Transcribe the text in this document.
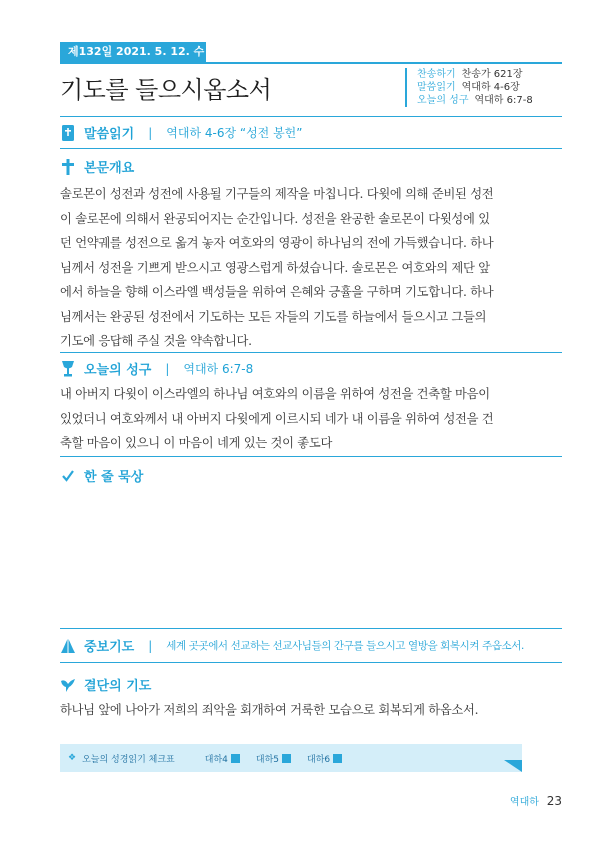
제132일 2021. 5. 12. 수
기도를 들으시옵소서
찬송하기 찬송가 621장
말씀읽기 역대하 4-6장
오늘의 성구 역대하 6:7-8
말씀읽기 | 역대하 4-6장 “성전 봉헌”
본문개요
솔로몬이 성전과 성전에 사용될 기구들의 제작을 마칩니다. 다윗에 의해 준비된 성전
이 솔로몬에 의해서 완공되어지는 순간입니다. 성전을 완공한 솔로몬이 다윗성에 있
던 언약궤를 성전으로 옮겨 놓자 여호와의 영광이 하나님의 전에 가득했습니다. 하나
님께서 성전을 기쁘게 받으시고 영광스럽게 하셨습니다. 솔로몬은 여호와의 제단 앞
에서 하늘을 향해 이스라엘 백성들을 위하여 은혜와 긍휼을 구하며 기도합니다. 하나
님께서는 완공된 성전에서 기도하는 모든 자들의 기도를 하늘에서 들으시고 그들의
기도에 응답해 주실 것을 약속합니다.
오늘의 성구 | 역대하 6:7-8
내 아버지 다윗이 이스라엘의 하나님 여호와의 이름을 위하여 성전을 건축할 마음이
있었더니 여호와께서 내 아버지 다윗에게 이르시되 네가 내 이름을 위하여 성전을 건
축할 마음이 있으니 이 마음이 네게 있는 것이 좋도다
한 줄 묵상
중보기도 | 세계 곳곳에서 선교하는 선교사님들의 간구를 들으시고 열방을 회복시켜 주옵소서.
결단의 기도
하나님 앞에 나아가 저희의 죄악을 회개하여 거룩한 모습으로 회복되게 하옵소서.
❖ 오늘의 성경읽기 체크표	대하4	대하5	대하6
역대하 23
